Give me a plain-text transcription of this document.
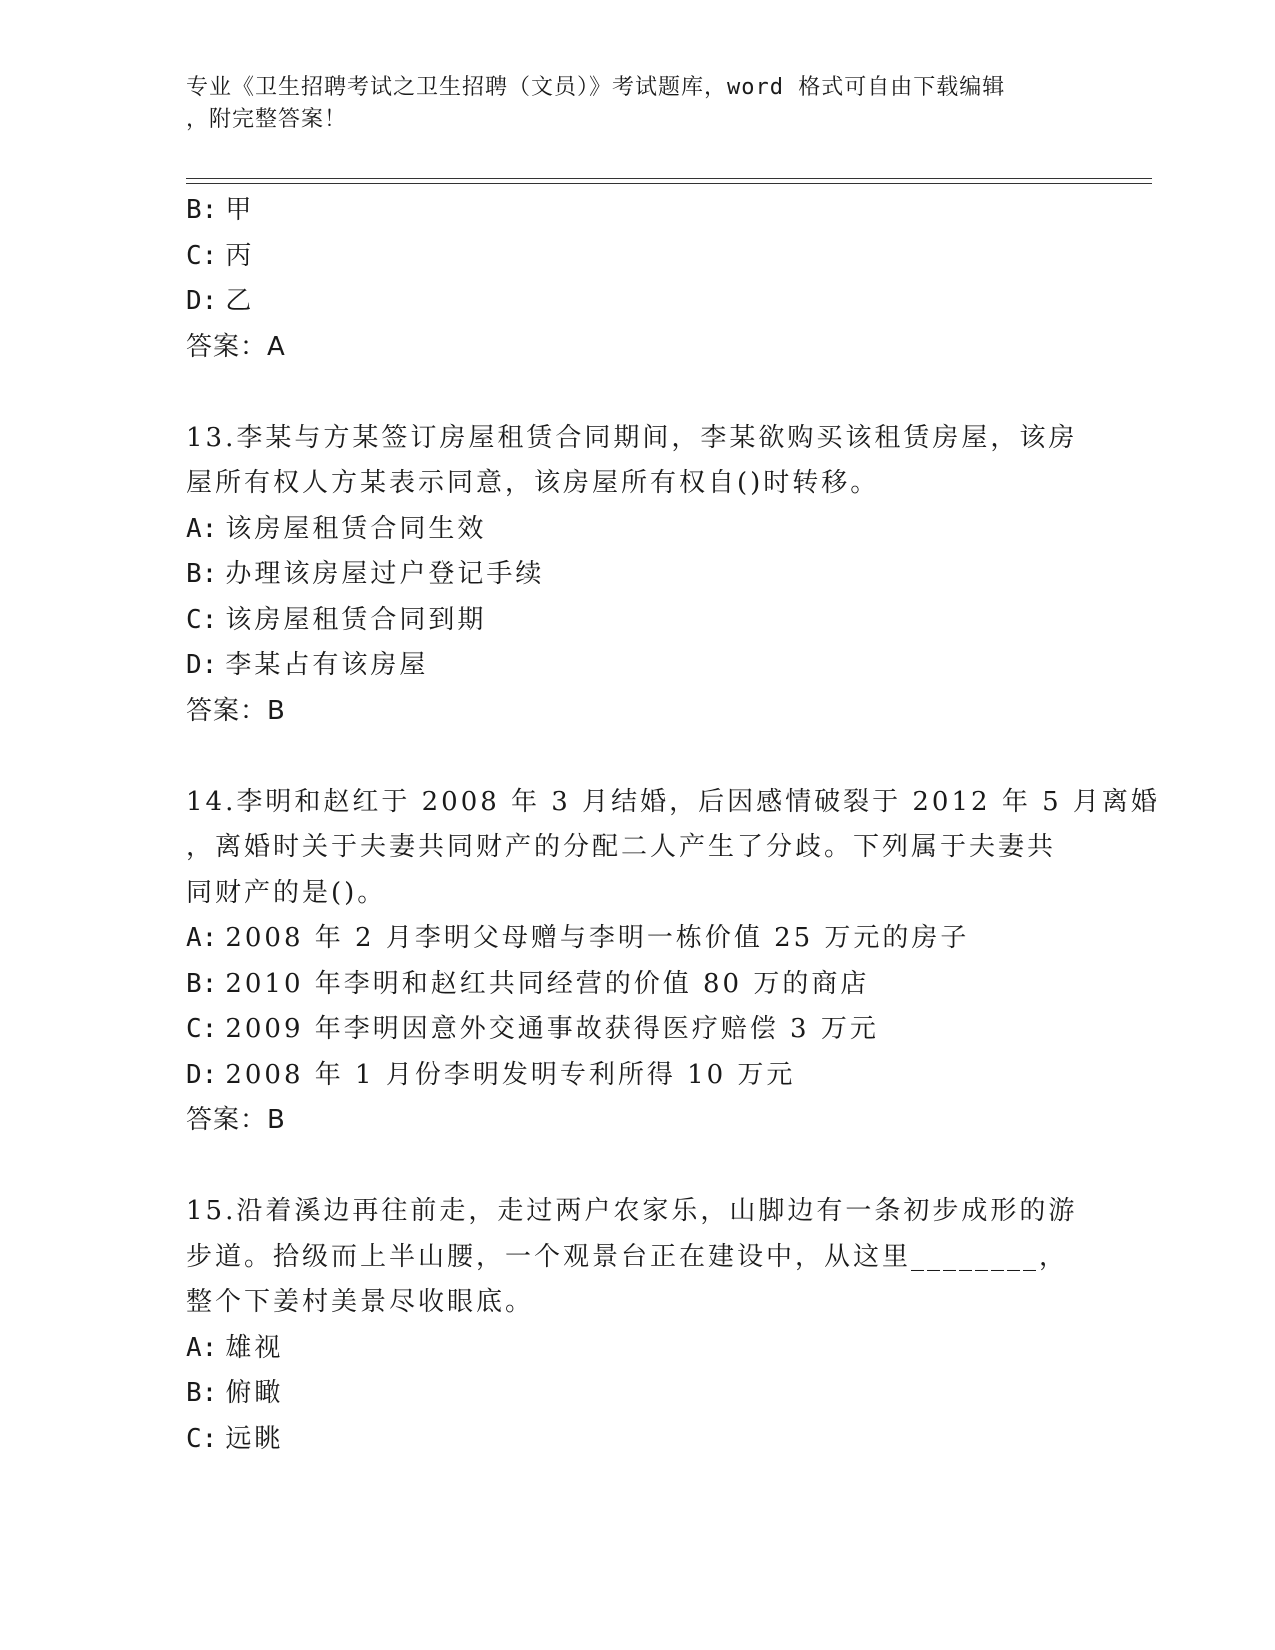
专业《卫生招聘考试之卫生招聘（文员）》考试题库，word 格式可自由下载编辑
，附完整答案！
B: 甲
C: 丙
D: 乙
答案：A
13.李某与方某签订房屋租赁合同期间，李某欲购买该租赁房屋，该房
屋所有权人方某表示同意，该房屋所有权自()时转移。
A: 该房屋租赁合同生效
B: 办理该房屋过户登记手续
C: 该房屋租赁合同到期
D: 李某占有该房屋
答案：B
14.李明和赵红于 2008 年 3 月结婚，后因感情破裂于 2012 年 5 月离婚
，离婚时关于夫妻共同财产的分配二人产生了分歧。下列属于夫妻共
同财产的是()。
A: 2008 年 2 月李明父母赠与李明一栋价值 25 万元的房子
B: 2010 年李明和赵红共同经营的价值 80 万的商店
C: 2009 年李明因意外交通事故获得医疗赔偿 3 万元
D: 2008 年 1 月份李明发明专利所得 10 万元
答案：B
15.沿着溪边再往前走，走过两户农家乐，山脚边有一条初步成形的游
步道。拾级而上半山腰，一个观景台正在建设中，从这里________，
整个下姜村美景尽收眼底。
A: 雄视
B: 俯瞰
C: 远眺
